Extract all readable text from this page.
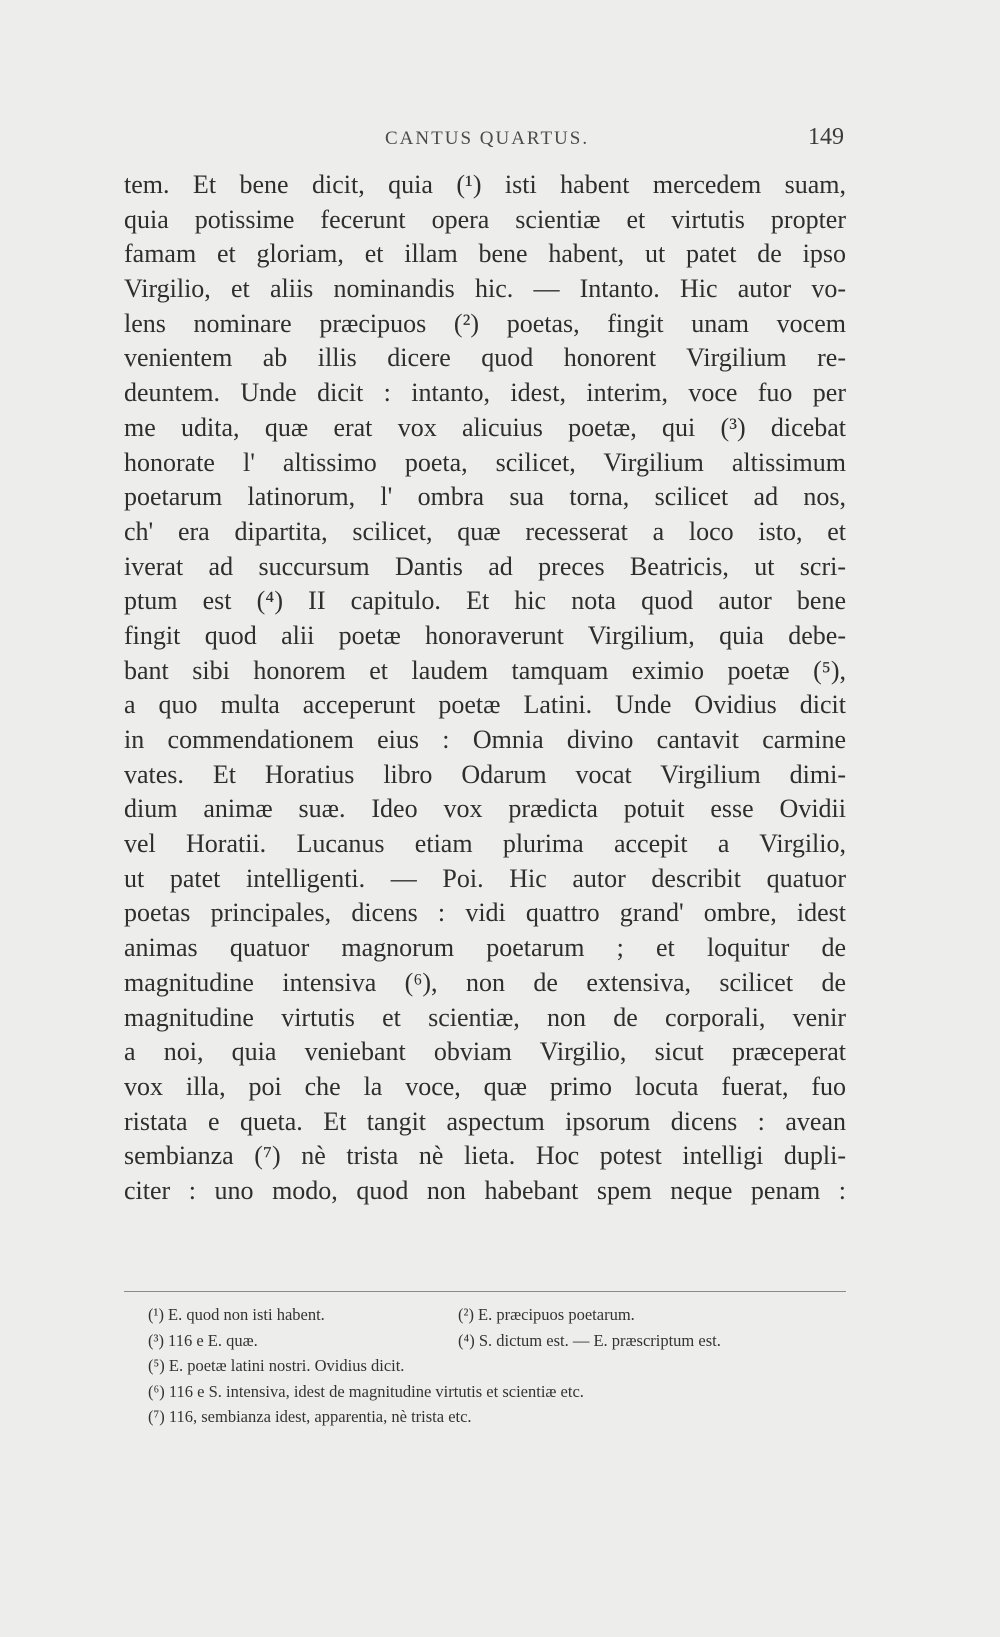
CANTUS QUARTUS.	149
tem. Et bene dicit, quia (¹) isti habent mercedem suam,
quia potissime fecerunt opera scientiæ et virtutis propter
famam et gloriam, et illam bene habent, ut patet de ipso
Virgilio, et aliis nominandis hic. — Intanto. Hic autor vo-
lens nominare præcipuos (²) poetas, fingit unam vocem
venientem ab illis dicere quod honorent Virgilium re-
deuntem. Unde dicit : intanto, idest, interim, voce fuo per
me udita, quæ erat vox alicuius poetæ, qui (³) dicebat
honorate l' altissimo poeta, scilicet, Virgilium altissimum
poetarum latinorum, l' ombra sua torna, scilicet ad nos,
ch' era dipartita, scilicet, quæ recesserat a loco isto, et
iverat ad succursum Dantis ad preces Beatricis, ut scri-
ptum est (⁴) II capitulo. Et hic nota quod autor bene
fingit quod alii poetæ honoraverunt Virgilium, quia debe-
bant sibi honorem et laudem tamquam eximio poetæ (⁵),
a quo multa acceperunt poetæ Latini. Unde Ovidius dicit
in commendationem eius : Omnia divino cantavit carmine
vates. Et Horatius libro Odarum vocat Virgilium dimi-
dium animæ suæ. Ideo vox prædicta potuit esse Ovidii
vel Horatii. Lucanus etiam plurima accepit a Virgilio,
ut patet intelligenti. — Poi. Hic autor describit quatuor
poetas principales, dicens : vidi quattro grand' ombre, idest
animas quatuor magnorum poetarum ; et loquitur de
magnitudine intensiva (⁶), non de extensiva, scilicet de
magnitudine virtutis et scientiæ, non de corporali, venir
a noi, quia veniebant obviam Virgilio, sicut præceperat
vox illa, poi che la voce, quæ primo locuta fuerat, fuo
ristata e queta. Et tangit aspectum ipsorum dicens : avean
sembianza (⁷) nè trista nè lieta. Hoc potest intelligi dupli-
citer : uno modo, quod non habebant spem neque penam :
(¹) E. quod non isti habent.	(²) E. præcipuos poetarum.
(³) 116 e E. quæ.	(⁴) S. dictum est. — E. præscriptum est.
(⁵) E. poetæ latini nostri. Ovidius dicit.
(⁶) 116 e S. intensiva, idest de magnitudine virtutis et scientiæ etc.
(⁷) 116, sembianza idest, apparentia, nè trista etc.
